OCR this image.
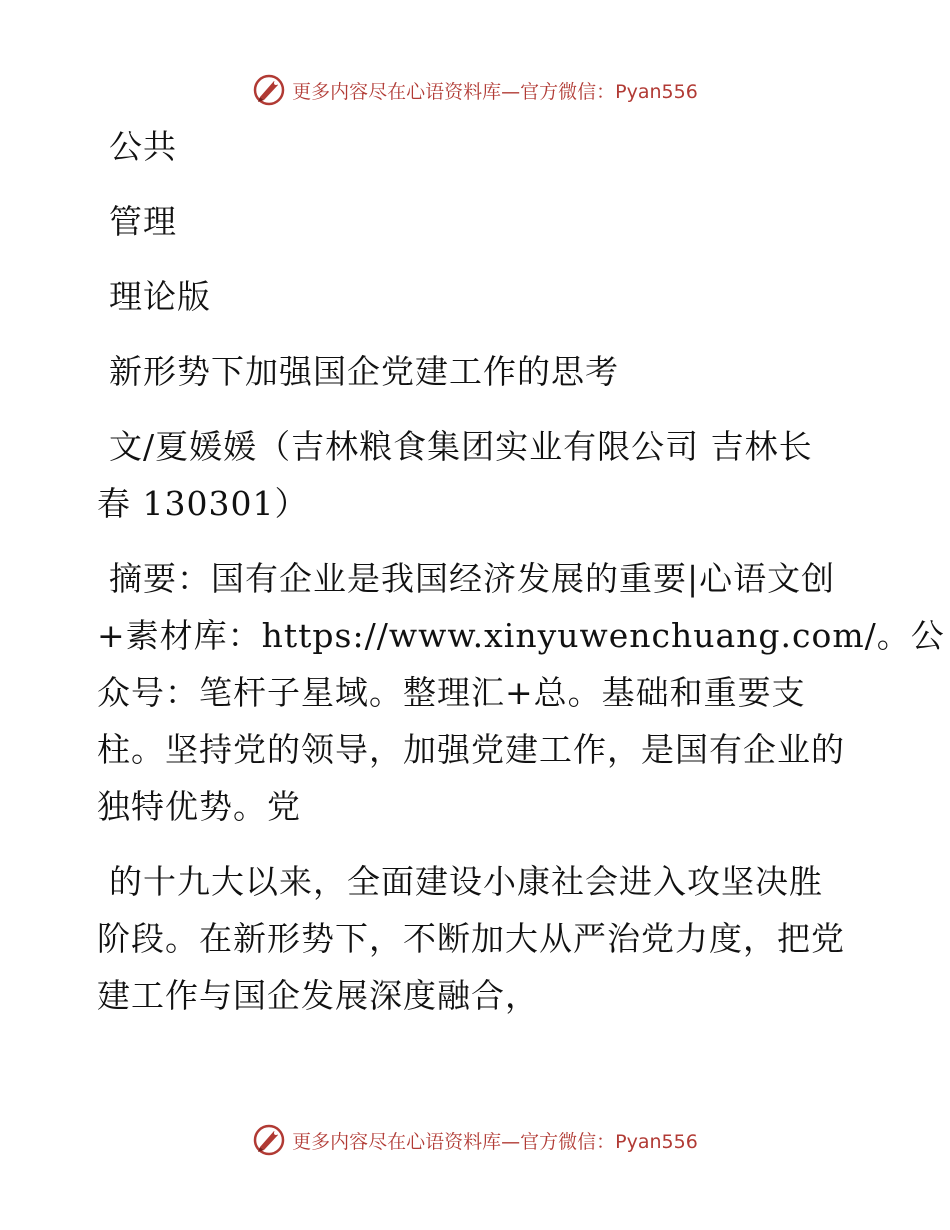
更多内容尽在心语资料库—官方微信：Pyan556
公共
管理
理论版
新形势下加强国企党建工作的思考
文/夏媛媛（吉林粮食集团实业有限公司 吉林长
春 130301）
摘要：国有企业是我国经济发展的重要|心语文创
+素材库：https://www.xinyuwenchuang.com/。公
众号：笔杆子星域。整理汇+总。基础和重要支
柱。坚持党的领导，加强党建工作，是国有企业的
独特优势。党
的十九大以来，全面建设小康社会进入攻坚决胜
阶段。在新形势下，不断加大从严治党力度，把党
建工作与国企发展深度融合，
更多内容尽在心语资料库—官方微信：Pyan556
